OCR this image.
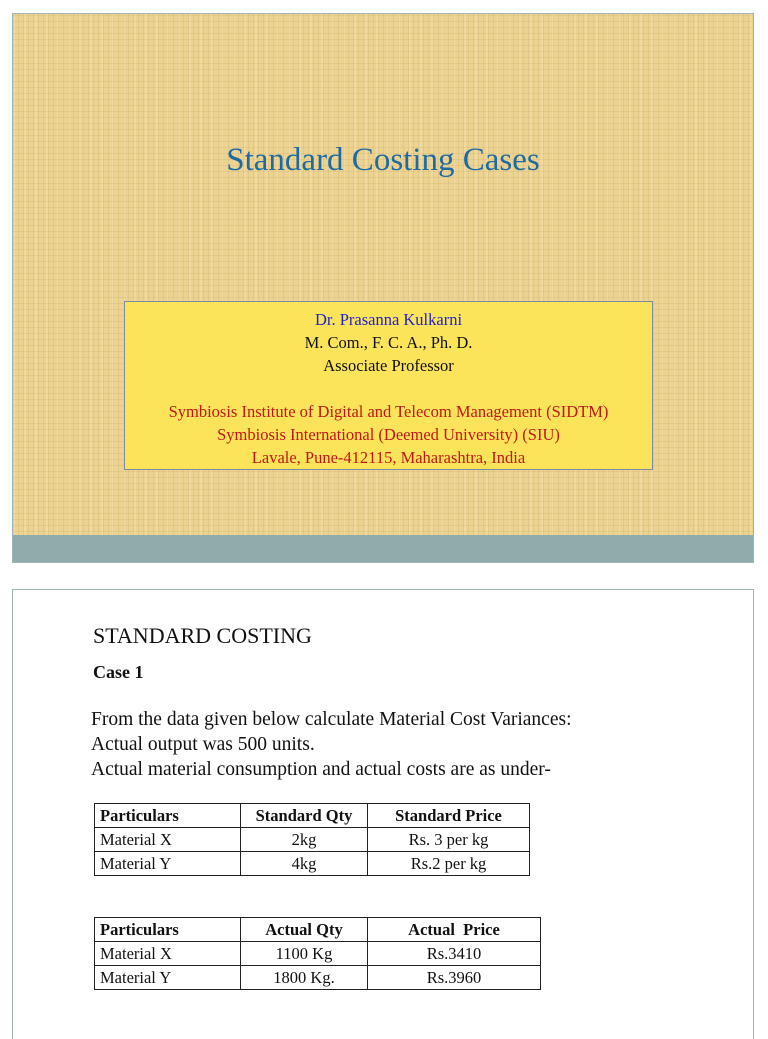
Standard Costing Cases
Dr. Prasanna Kulkarni
M. Com., F. C. A., Ph. D.
Associate Professor
Symbiosis Institute of Digital and Telecom Management (SIDTM)
Symbiosis International (Deemed University) (SIU)
Lavale, Pune-412115, Maharashtra, India
STANDARD COSTING
Case 1
From the data given below calculate Material Cost Variances:
Actual output was 500 units.
Actual material consumption and actual costs are as under-
Particulars	Standard Qty	Standard Price
Material X	2kg	Rs. 3 per kg
Material Y	4kg	Rs.2 per kg
Particulars	Actual Qty	Actual  Price
Material X	1100 Kg	Rs.3410
Material Y	1800 Kg.	Rs.3960
